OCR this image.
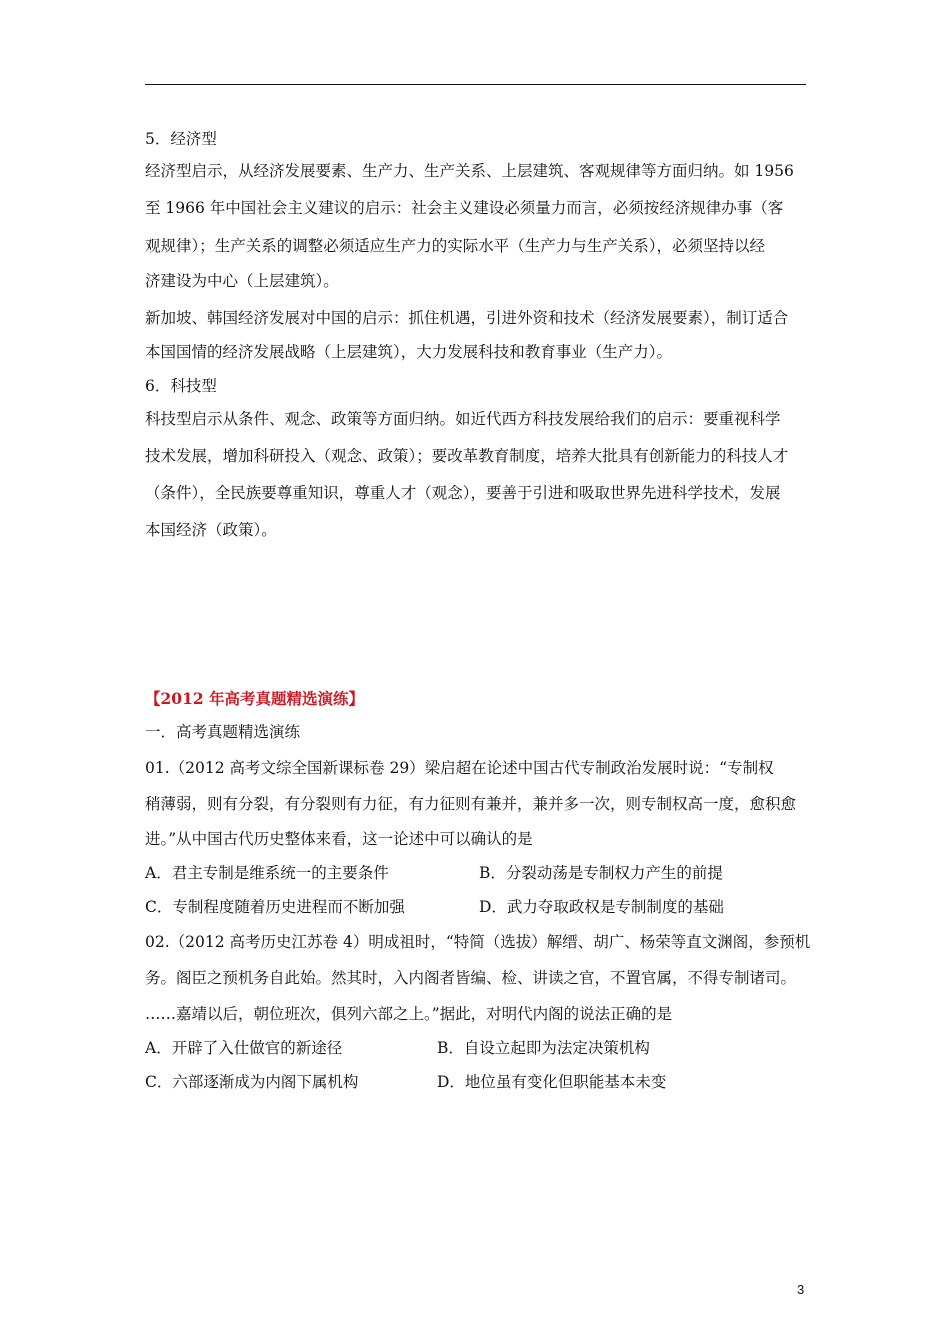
5．经济型
经济型启示，从经济发展要素、生产力、生产关系、上层建筑、客观规律等方面归纳。如 1956
至 1966 年中国社会主义建议的启示：社会主义建设必须量力而言，必须按经济规律办事（客
观规律）；生产关系的调整必须适应生产力的实际水平（生产力与生产关系），必须坚持以经
济建设为中心（上层建筑）。
新加坡、韩国经济发展对中国的启示：抓住机遇，引进外资和技术（经济发展要素），制订适合
本国国情的经济发展战略（上层建筑），大力发展科技和教育事业（生产力）。
6．科技型
科技型启示从条件、观念、政策等方面归纳。如近代西方科技发展给我们的启示：要重视科学
技术发展，增加科研投入（观念、政策）；要改革教育制度，培养大批具有创新能力的科技人才
（条件），全民族要尊重知识，尊重人才（观念），要善于引进和吸取世界先进科学技术，发展
本国经济（政策）。
【2012 年高考真题精选演练】
一．高考真题精选演练
01.（2012 高考文综全国新课标卷 29）梁启超在论述中国古代专制政治发展时说：“专制权
稍薄弱，则有分裂，有分裂则有力征，有力征则有兼并，兼并多一次，则专制权高一度，愈积愈
进。”从中国古代历史整体来看，这一论述中可以确认的是
A．君主专制是维系统一的主要条件	B．分裂动荡是专制权力产生的前提
C．专制程度随着历史进程而不断加强	D．武力夺取政权是专制制度的基础
02.（2012 高考历史江苏卷 4）明成祖时，“特简（选拔）解缙、胡广、杨荣等直文渊阁，参预机
务。阁臣之预机务自此始。然其时，入内阁者皆编、检、讲读之官，不置官属，不得专制诸司。
……嘉靖以后，朝位班次，俱列六部之上。”据此，对明代内阁的说法正确的是
A．开辟了入仕做官的新途径	B．自设立起即为法定决策机构
C．六部逐渐成为内阁下属机构	D．地位虽有变化但职能基本未变
3
